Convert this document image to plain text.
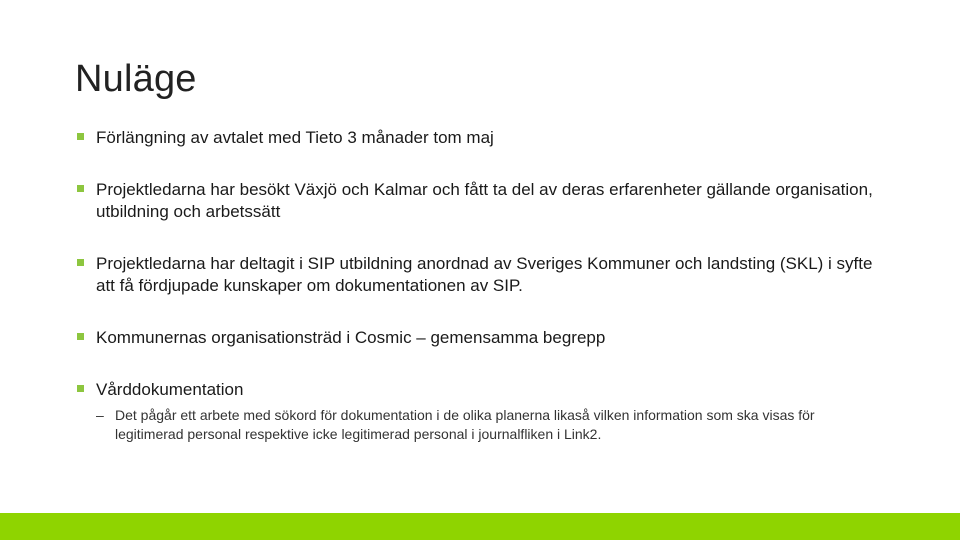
Nuläge
Förlängning av avtalet med Tieto 3 månader tom maj
Projektledarna har besökt Växjö och Kalmar och fått ta del av deras erfarenheter gällande organisation, utbildning och arbetssätt
Projektledarna har deltagit i SIP utbildning anordnad av Sveriges Kommuner och landsting (SKL) i syfte att få fördjupade kunskaper om dokumentationen av SIP.
Kommunernas organisationsträd i Cosmic – gemensamma begrepp
Vårddokumentation
– Det pågår ett arbete med sökord för dokumentation i de olika planerna likaså vilken information som ska visas för legitimerad personal respektive icke legitimerad personal i journalfliken i Link2.
